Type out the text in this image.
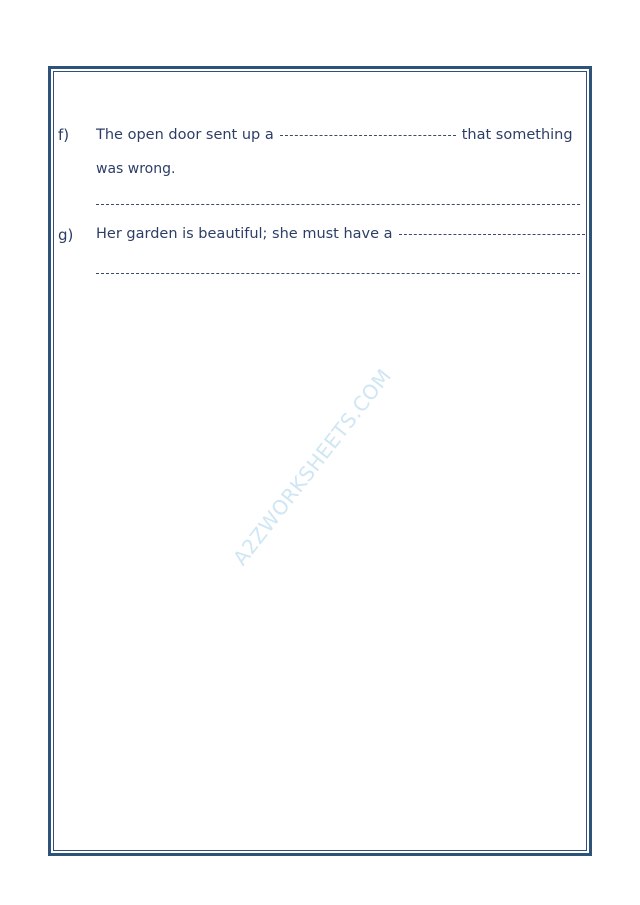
f) The open door sent up a	that something
was wrong.
g) Her garden is beautiful; she must have a
A2ZWORKSHEETS.COM
